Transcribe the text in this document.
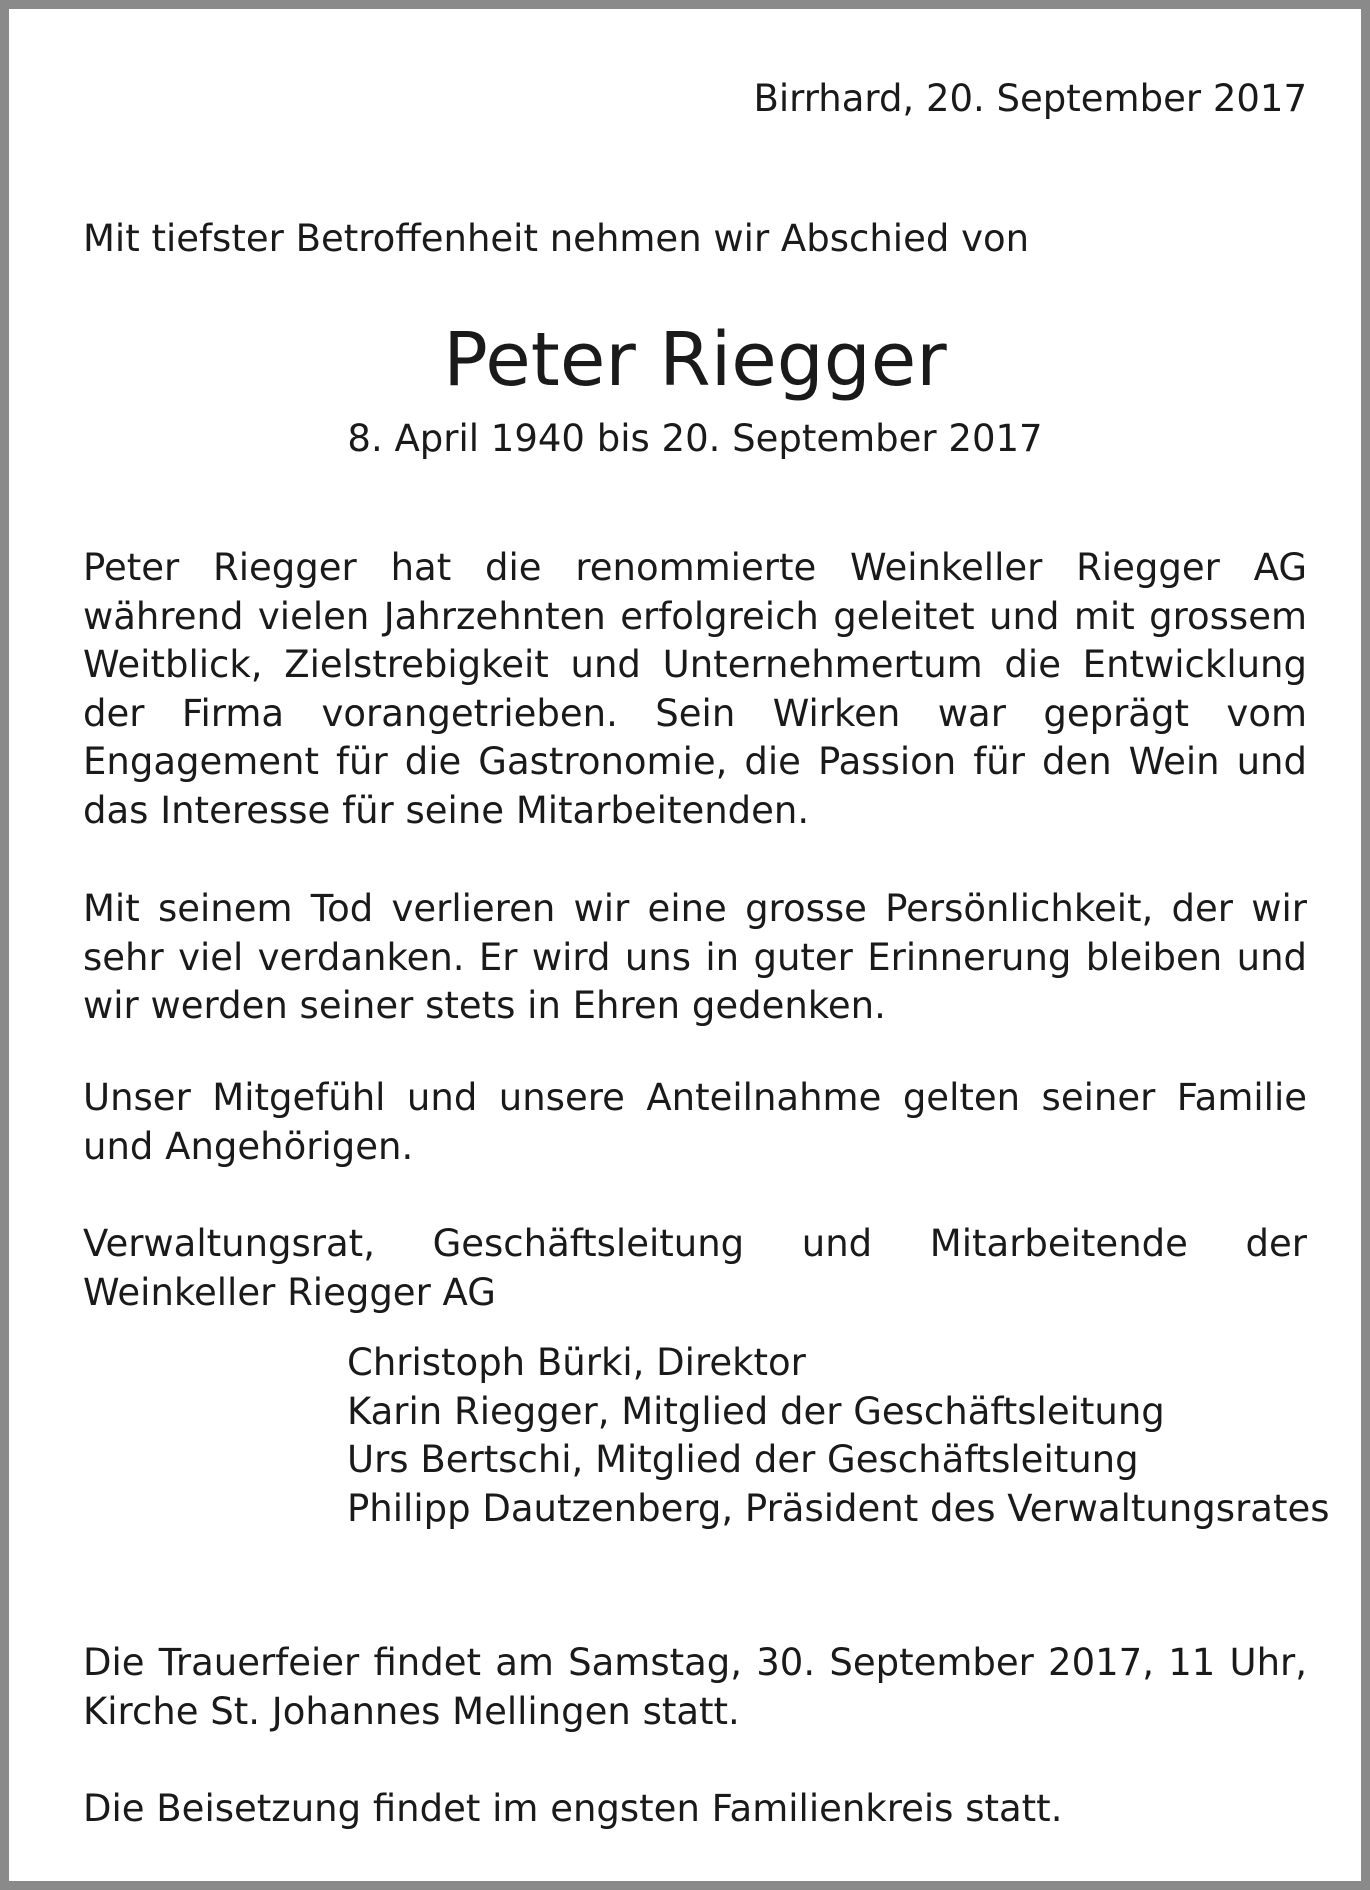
Birrhard, 20. September 2017
Mit tiefster Betroffenheit nehmen wir Abschied von
Peter Riegger
8. April 1940 bis 20. September 2017

Peter Riegger hat die renommierte Weinkeller Riegger AG während vielen Jahrzehnten erfolgreich geleitet und mit grossem Weitblick, Zielstrebigkeit und Unternehmertum die Entwicklung der Firma vorangetrieben. Sein Wirken war geprägt vom Engagement für die Gastronomie, die Passion für den Wein und das Interesse für seine Mitarbeitenden.

Mit seinem Tod verlieren wir eine grosse Persönlichkeit, der wir sehr viel verdanken. Er wird uns in guter Erinnerung bleiben und wir werden seiner stets in Ehren gedenken.

Unser Mitgefühl und unsere Anteilnahme gelten seiner Familie und Angehörigen.

Verwaltungsrat, Geschäftsleitung und Mitarbeitende der Weinkeller Riegger AG

Christoph Bürki, Direktor
Karin Riegger, Mitglied der Geschäftsleitung
Urs Bertschi, Mitglied der Geschäftsleitung
Philipp Dautzenberg, Präsident des Verwaltungsrates

Die Trauerfeier findet am Samstag, 30. September 2017, 11 Uhr, Kirche St. Johannes Mellingen statt.

Die Beisetzung findet im engsten Familienkreis statt.
